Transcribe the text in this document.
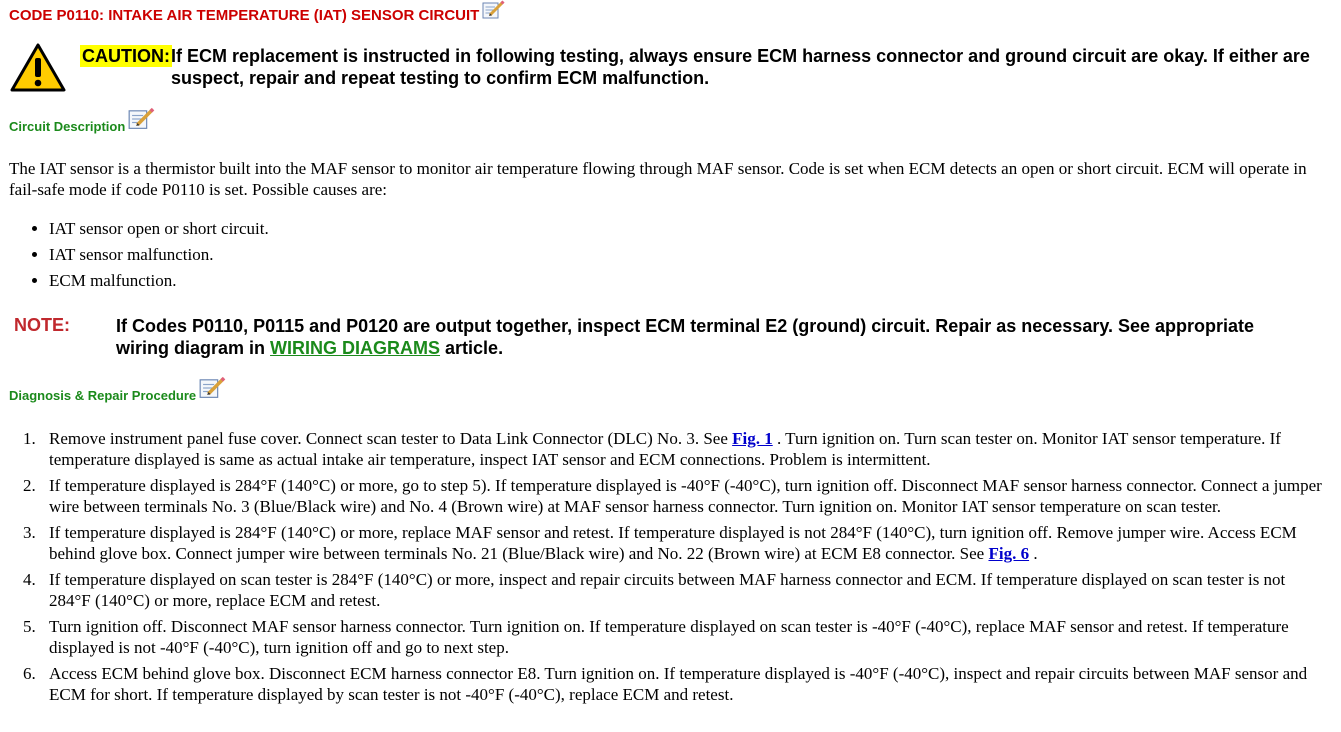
CODE P0110: INTAKE AIR TEMPERATURE (IAT) SENSOR CIRCUIT
CAUTION: If ECM replacement is instructed in following testing, always ensure ECM harness connector and ground circuit are okay. If either are suspect, repair and repeat testing to confirm ECM malfunction.
Circuit Description

The IAT sensor is a thermistor built into the MAF sensor to monitor air temperature flowing through MAF sensor. Code is set when ECM detects an open or short circuit. ECM will operate in fail-safe mode if code P0110 is set. Possible causes are:

IAT sensor open or short circuit.
IAT sensor malfunction.
ECM malfunction.
NOTE:	If Codes P0110, P0115 and P0120 are output together, inspect ECM terminal E2 (ground) circuit. Repair as necessary. See appropriate wiring diagram in WIRING DIAGRAMS article.
Diagnosis & Repair Procedure
1. Remove instrument panel fuse cover. Connect scan tester to Data Link Connector (DLC) No. 3. See Fig. 1 . Turn ignition on. Turn scan tester on. Monitor IAT sensor temperature. If temperature displayed is same as actual intake air temperature, inspect IAT sensor and ECM connections. Problem is intermittent.
2. If temperature displayed is 284°F (140°C) or more, go to step 5). If temperature displayed is -40°F (-40°C), turn ignition off. Disconnect MAF sensor harness connector. Connect a jumper wire between terminals No. 3 (Blue/Black wire) and No. 4 (Brown wire) at MAF sensor harness connector. Turn ignition on. Monitor IAT sensor temperature on scan tester.
3. If temperature displayed is 284°F (140°C) or more, replace MAF sensor and retest. If temperature displayed is not 284°F (140°C), turn ignition off. Remove jumper wire. Access ECM behind glove box. Connect jumper wire between terminals No. 21 (Blue/Black wire) and No. 22 (Brown wire) at ECM E8 connector. See Fig. 6 .
4. If temperature displayed on scan tester is 284°F (140°C) or more, inspect and repair circuits between MAF harness connector and ECM. If temperature displayed on scan tester is not 284°F (140°C) or more, replace ECM and retest.
5. Turn ignition off. Disconnect MAF sensor harness connector. Turn ignition on. If temperature displayed on scan tester is -40°F (-40°C), replace MAF sensor and retest. If temperature displayed is not -40°F (-40°C), turn ignition off and go to next step.
6. Access ECM behind glove box. Disconnect ECM harness connector E8. Turn ignition on. If temperature displayed is -40°F (-40°C), inspect and repair circuits between MAF sensor and ECM for short. If temperature displayed by scan tester is not -40°F (-40°C), replace ECM and retest.
